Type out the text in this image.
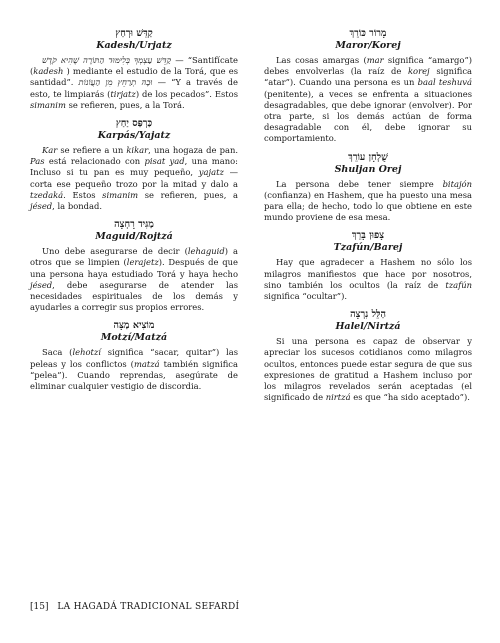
קַדֵּשׁ וּרְחַץ
Kadesh/Urjatz

קַדֵּשׁ עַצְמְךָ בְּלִימּוּד הַתּוֹרָה שֶׁהִיא קֹדֶשׁ — “Santifícate (kadesh ) mediante el estudio de la Torá, que es santidad”. וּבָהּ תְרַחֵץ מִן הַעֲוֹנוֹת — “Y a través de esto, te limpiarás (tirjatz) de los pecados”. Estos simanim se refieren, pues, a la Torá.

כַּרְפַּס יַחַץ
Karpás/Yajatz

Kar se refiere a un kikar, una hogaza de pan. Pas está relacionado con pisat yad, una mano: Incluso si tu pan es muy pequeño, yajatz — corta ese pequeño trozo por la mitad y dalo a tzedaká. Estos simanim se refieren, pues, a jésed, la bondad.

מַגִּיד רָחְצָה
Maguid/Rojtzá

Uno debe asegurarse de decir (lehaguid) a otros que se limpien (lerajetz). Después de que una persona haya estudiado Torá y haya hecho jésed, debe asegurarse de atender las necesidades espirituales de los demás y ayudarles a corregir sus propios errores.

מוֹצִיא מַצָּה
Motzí/Matzá

Saca (lehotzí significa “sacar, quitar”) las peleas y los conflictos (matzá también significa “pelea”). Cuando reprendas, asegúrate de eliminar cualquier vestigio de discordia.

מָרוֹר כּוֹרֵךְ
Maror/Korej

Las cosas amargas (mar significa “amargo”) debes envolverlas (la raíz de korej significa “atar”). Cuando una persona es un baal teshuvá (penitente), a veces se enfrenta a situaciones desagradables, que debe ignorar (envolver). Por otra parte, si los demás actúan de forma desagradable con él, debe ignorar su comportamiento.

שֻׁלְחָן עוֹרֵךְ
Shuljan Orej

La persona debe tener siempre bitajón (confianza) en Hashem, que ha puesto una mesa para ella; de hecho, todo lo que obtiene en este mundo proviene de esa mesa.

צָפוּן בָּרֵךְ
Tzafún/Barej

Hay que agradecer a Hashem no sólo los milagros manifiestos que hace por nosotros, sino también los ocultos (la raíz de tzafún significa “ocultar”).

הַלֵּל נִרְצָה
Halel/Nirtzá

Si una persona es capaz de observar y apreciar los sucesos cotidianos como milagros ocultos, entonces puede estar segura de que sus expresiones de gratitud a Hashem incluso por los milagros revelados serán aceptadas (el significado de nirtzá es que “ha sido aceptado”).

[15] LA HAGADÁ TRADICIONAL SEFARDÍ
